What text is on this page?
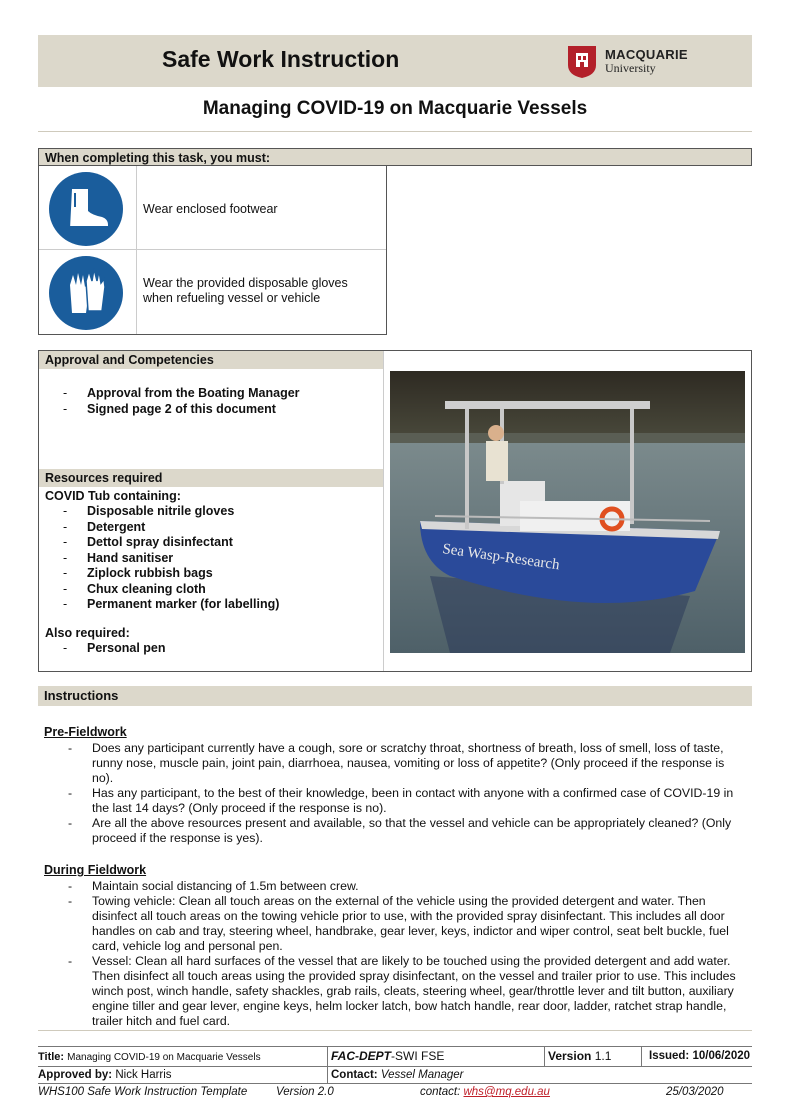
Safe Work Instruction	MACQUARIE
University
Managing COVID-19 on Macquarie Vessels
When completing this task, you must:
Wear enclosed footwear
Wear the provided disposable gloves
when refueling vessel or vehicle
Approval and Competencies
- Approval from the Boating Manager
- Signed page 2 of this document
Resources required
COVID Tub containing:
- Disposable nitrile gloves
- Detergent
- Dettol spray disinfectant
- Hand sanitiser
- Ziplock rubbish bags
- Chux cleaning cloth
- Permanent marker (for labelling)
Also required:
- Personal pen
Sea Wasp-Research
Instructions
Pre-Fieldwork
- Does any participant currently have a cough, sore or scratchy throat, shortness of breath, loss of smell, loss of taste, runny nose, muscle pain, joint pain, diarrhoea, nausea, vomiting or loss of appetite? (Only proceed if the response is no).
- Has any participant, to the best of their knowledge, been in contact with anyone with a confirmed case of COVID-19 in the last 14 days? (Only proceed if the response is no).
- Are all the above resources present and available, so that the vessel and vehicle can be appropriately cleaned? (Only proceed if the response is yes).
During Fieldwork
- Maintain social distancing of 1.5m between crew.
- Towing vehicle: Clean all touch areas on the external of the vehicle using the provided detergent and water. Then disinfect all touch areas on the towing vehicle prior to use, with the provided spray disinfectant. This includes all door handles on cab and tray, steering wheel, handbrake, gear lever, keys, indictor and wiper control, seat belt buckle, fuel card, vehicle log and personal pen.
- Vessel: Clean all hard surfaces of the vessel that are likely to be touched using the provided detergent and add water. Then disinfect all touch areas using the provided spray disinfectant, on the vessel and trailer prior to use. This includes winch post, winch handle, safety shackles, grab rails, cleats, steering wheel, gear/throttle lever and tilt button, auxiliary engine tiller and gear lever, engine keys, helm locker latch, bow hatch handle, rear door, ladder, ratchet strap handle, trailer hitch and fuel card.
Title: Managing COVID-19 on Macquarie Vessels	FAC-DEPT-SWI FSE	Version 1.1	Issued: 10/06/2020
Approved by: Nick Harris	Contact: Vessel Manager
WHS100 Safe Work Instruction Template	Version 2.0	contact: whs@mq.edu.au	25/03/2020
